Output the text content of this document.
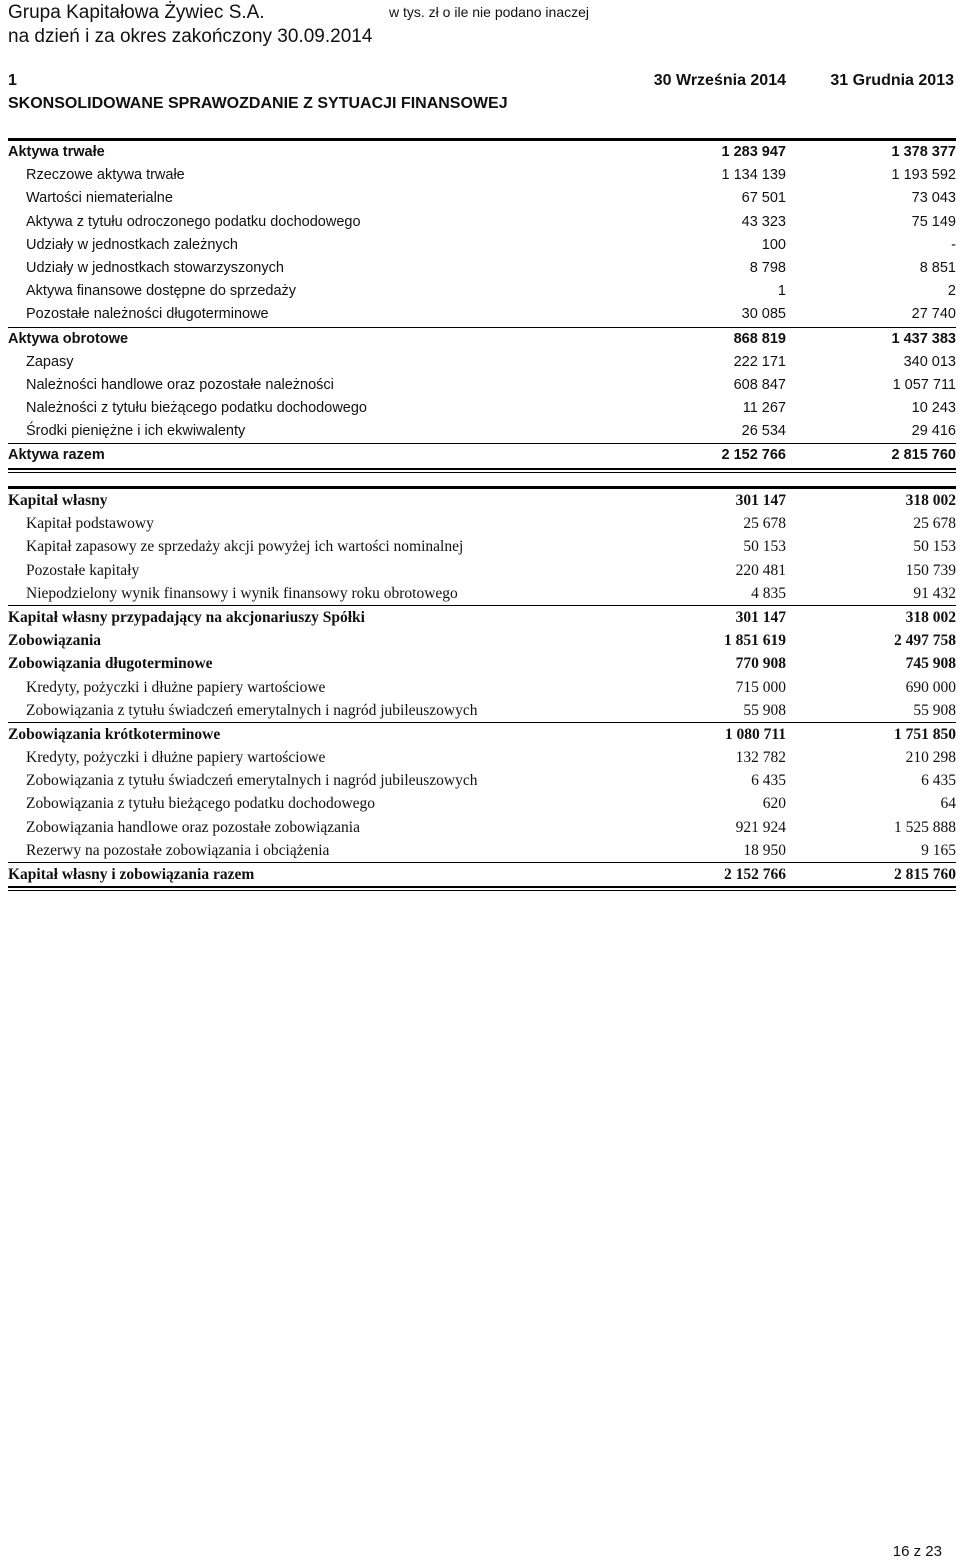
Grupa Kapitałowa Żywiec S.A.
na dzień i za okres zakończony 30.09.2014
w tys. zł o ile nie podano inaczej
1	30 Września 2014	31 Grudnia 2013
SKONSOLIDOWANE SPRAWOZDANIE Z SYTUACJI FINANSOWEJ
Aktywa trwałe	1 283 947	1 378 377
Rzeczowe aktywa trwałe	1 134 139	1 193 592
Wartości niematerialne	67 501	73 043
Aktywa z tytułu odroczonego podatku dochodowego	43 323	75 149
Udziały w jednostkach zależnych	100	-
Udziały w jednostkach stowarzyszonych	8 798	8 851
Aktywa finansowe dostępne do sprzedaży	1	2
Pozostałe należności długoterminowe	30 085	27 740
Aktywa obrotowe	868 819	1 437 383
Zapasy	222 171	340 013
Należności handlowe oraz pozostałe należności	608 847	1 057 711
Należności z tytułu bieżącego podatku dochodowego	11 267	10 243
Środki pieniężne i ich ekwiwalenty	26 534	29 416
Aktywa razem	2 152 766	2 815 760
Kapitał własny	301 147	318 002
Kapitał podstawowy	25 678	25 678
Kapitał zapasowy ze sprzedaży akcji powyżej ich wartości nominalnej	50 153	50 153
Pozostałe kapitały	220 481	150 739
Niepodzielony wynik finansowy i wynik finansowy roku obrotowego	4 835	91 432
Kapitał własny przypadający na akcjonariuszy Spółki	301 147	318 002
Zobowiązania	1 851 619	2 497 758
Zobowiązania długoterminowe	770 908	745 908
Kredyty, pożyczki i dłużne papiery wartościowe	715 000	690 000
Zobowiązania z tytułu świadczeń emerytalnych i nagród jubileuszowych	55 908	55 908
Zobowiązania krótkoterminowe	1 080 711	1 751 850
Kredyty, pożyczki i dłużne papiery wartościowe	132 782	210 298
Zobowiązania z tytułu świadczeń emerytalnych i nagród jubileuszowych	6 435	6 435
Zobowiązania z tytułu bieżącego podatku dochodowego	620	64
Zobowiązania handlowe oraz pozostałe zobowiązania	921 924	1 525 888
Rezerwy na pozostałe zobowiązania i obciążenia	18 950	9 165
Kapitał własny i zobowiązania razem	2 152 766	2 815 760
16 z 23
